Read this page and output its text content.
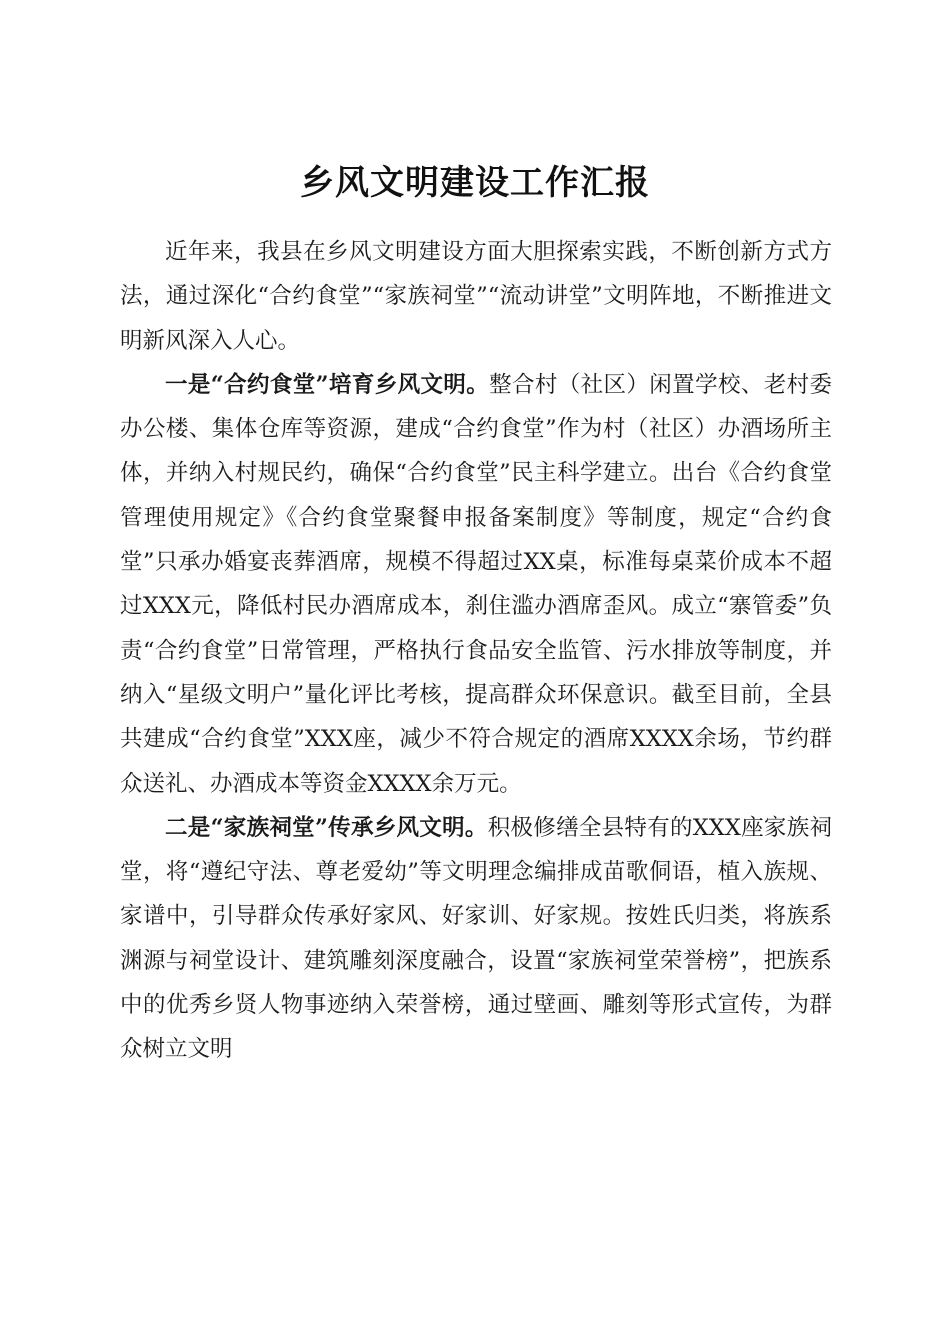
乡风文明建设工作汇报

近年来，我县在乡风文明建设方面大胆探索实践，不断创新方式方法，通过深化“合约食堂”“家族祠堂”“流动讲堂”文明阵地，不断推进文明新风深入人心。

一是“合约食堂”培育乡风文明。整合村（社区）闲置学校、老村委办公楼、集体仓库等资源，建成“合约食堂”作为村（社区）办酒场所主体，并纳入村规民约，确保“合约食堂”民主科学建立。出台《合约食堂管理使用规定》《合约食堂聚餐申报备案制度》等制度，规定“合约食堂”只承办婚宴丧葬酒席，规模不得超过XX桌，标准每桌菜价成本不超过XXX元，降低村民办酒席成本，刹住滥办酒席歪风。成立“寨管委”负责“合约食堂”日常管理，严格执行食品安全监管、污水排放等制度，并纳入“星级文明户”量化评比考核，提高群众环保意识。截至目前，全县共建成“合约食堂”XXX座，减少不符合规定的酒席XXXX余场，节约群众送礼、办酒成本等资金XXXX余万元。

二是“家族祠堂”传承乡风文明。积极修缮全县特有的XXX座家族祠堂，将“遵纪守法、尊老爱幼”等文明理念编排成苗歌侗语，植入族规、家谱中，引导群众传承好家风、好家训、好家规。按姓氏归类，将族系渊源与祠堂设计、建筑雕刻深度融合，设置“家族祠堂荣誉榜”，把族系中的优秀乡贤人物事迹纳入荣誉榜，通过壁画、雕刻等形式宣传，为群众树立文明
